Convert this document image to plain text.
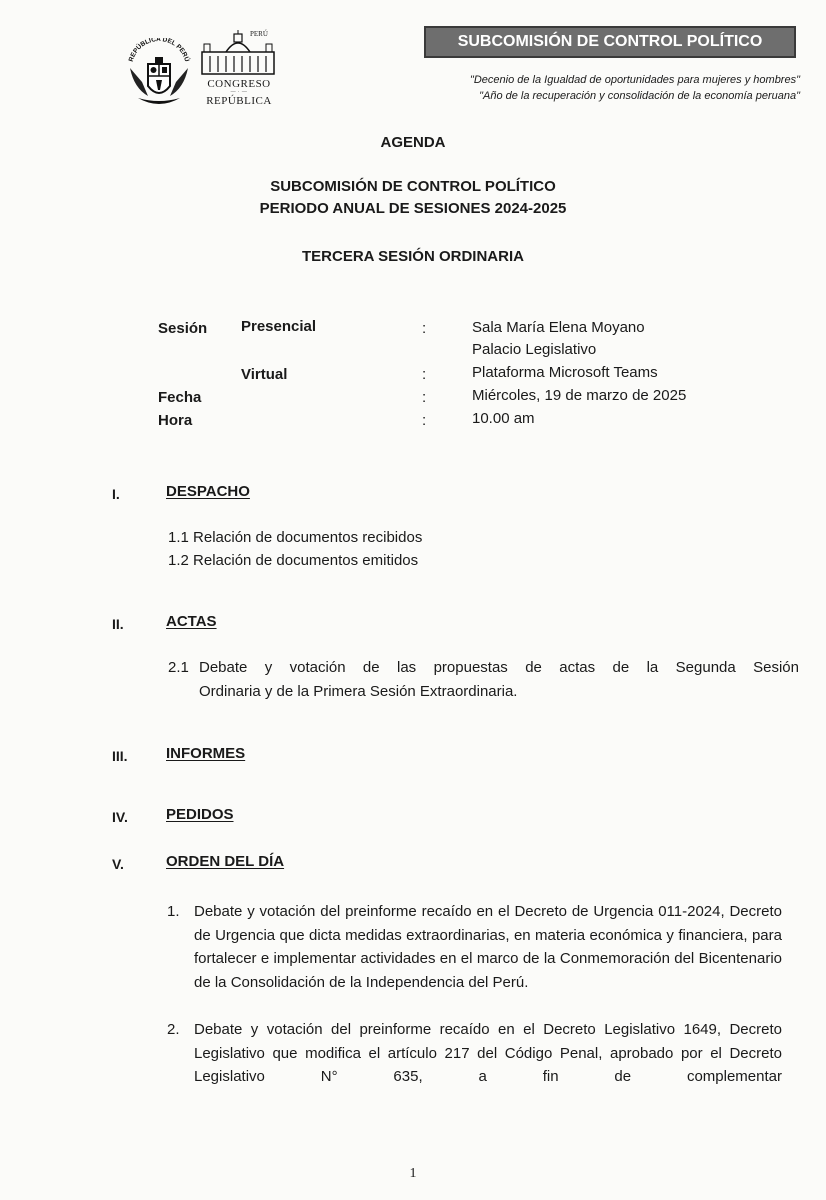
REPÚBLICA DEL PERÚ
PERÚ
CONGRESO
— · —
REPÚBLICA
SUBCOMISIÓN DE CONTROL POLÍTICO
"Decenio de la Igualdad de oportunidades para mujeres y hombres"
"Año de la recuperación y consolidación de la economía peruana"
AGENDA
SUBCOMISIÓN DE CONTROL POLÍTICO
PERIODO ANUAL DE SESIONES 2024-2025
TERCERA SESIÓN ORDINARIA
Sesión Presencial	:	Sala María Elena Moyano
Palacio Legislativo
Virtual	:	Plataforma Microsoft Teams
Fecha	:	Miércoles, 19 de marzo de 2025
Hora	:	10.00 am
I.	DESPACHO
1.1 Relación de documentos recibidos
1.2 Relación de documentos emitidos
II.	ACTAS
2.1 Debate y votación de las propuestas de actas de la Segunda Sesión
Ordinaria y de la Primera Sesión Extraordinaria.
III.	INFORMES
IV.	PEDIDOS
V.	ORDEN DEL DÍA
1. Debate y votación del preinforme recaído en el Decreto de Urgencia 011-2024, Decreto de Urgencia que dicta medidas extraordinarias, en materia económica y financiera, para fortalecer e implementar actividades en el marco de la Conmemoración del Bicentenario de la Consolidación de la Independencia del Perú.
2. Debate y votación del preinforme recaído en el Decreto Legislativo 1649, Decreto Legislativo que modifica el artículo 217 del Código Penal, aprobado por el Decreto Legislativo N° 635, a fin de complementar
1
